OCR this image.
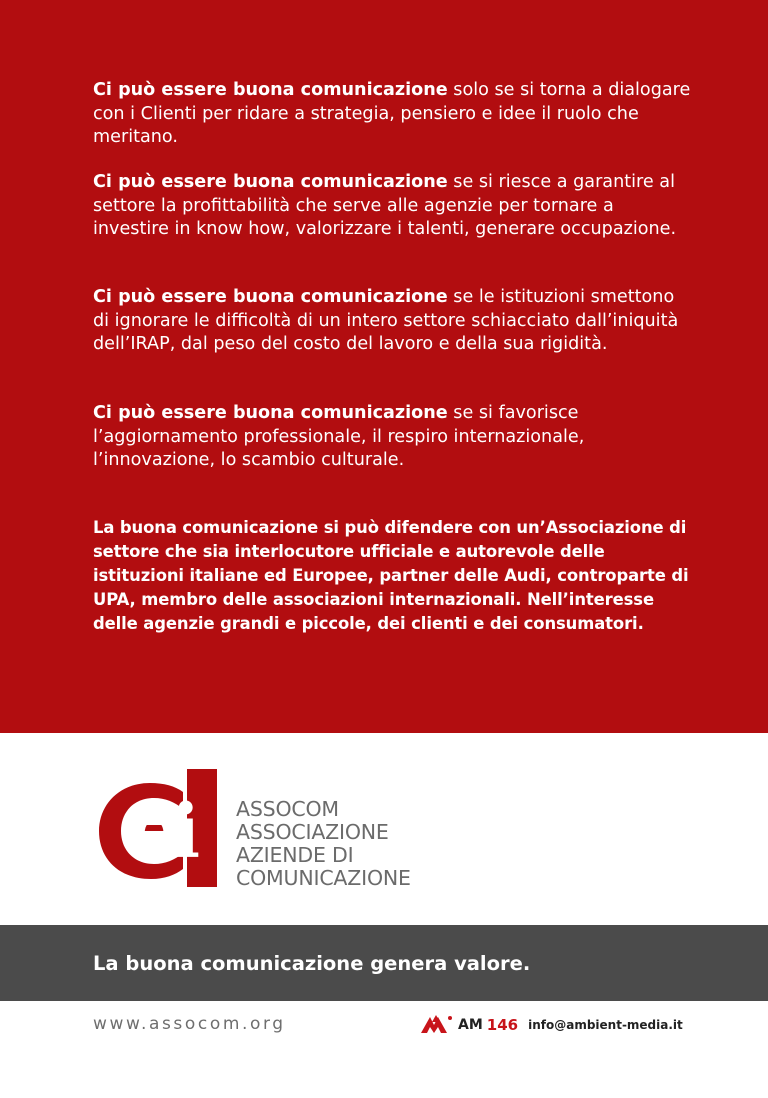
Ci può essere buona comunicazione solo se si torna a dialogare con i Clienti per ridare a strategia, pensiero e idee il ruolo che meritano.

Ci può essere buona comunicazione se si riesce a garantire al settore la profittabilità che serve alle agenzie per tornare a investire in know how, valorizzare i talenti, generare occupazione.

Ci può essere buona comunicazione se le istituzioni smettono di ignorare le difficoltà di un intero settore schiacciato dall’iniquità dell’IRAP, dal peso del costo del lavoro e della sua rigidità.

Ci può essere buona comunicazione se si favorisce l’aggiornamento professionale, il respiro internazionale, l’innovazione, lo scambio culturale.

La buona comunicazione si può difendere con un’Associazione di settore che sia interlocutore ufficiale e autorevole delle istituzioni italiane ed Europee, partner delle Audi, controparte di UPA, membro delle associazioni internazionali. Nell’interesse delle agenzie grandi e piccole, dei clienti e dei consumatori.

ci ASSOCOM
ASSOCIAZIONE
AZIENDE DI
COMUNICAZIONE

La buona comunicazione genera valore.

www.assocom.org	AM 146 info@ambient-media.it
